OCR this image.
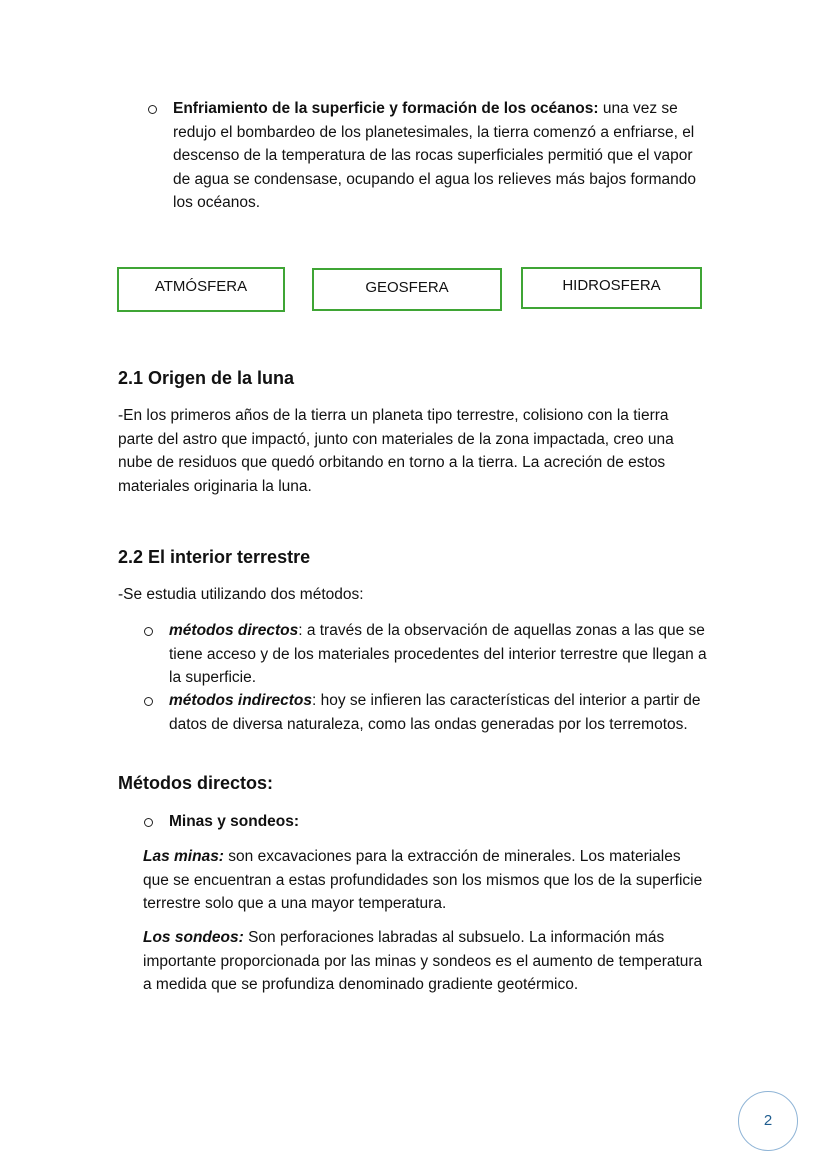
Enfriamiento de la superficie y formación de los océanos: una vez se redujo el bombardeo de los planetesimales, la tierra comenzó a enfriarse, el descenso de la temperatura de las rocas superficiales permitió que el vapor de agua se condensase, ocupando el agua los relieves más bajos formando los océanos.

ATMÓSFERA	GEOSFERA	HIDROSFERA
2.1 Origen de la luna

-En los primeros años de la tierra un planeta tipo terrestre, colisiono con la tierra parte del astro que impactó, junto con materiales de la zona impactada, creo una nube de residuos que quedó orbitando en torno a la tierra. La acreción de estos materiales originaria la luna.

2.2 El interior terrestre

-Se estudia utilizando dos métodos:

métodos directos: a través de la observación de aquellas zonas a las que se tiene acceso y de los materiales procedentes del interior terrestre que llegan a la superficie.

métodos indirectos: hoy se infieren las características del interior a partir de datos de diversa naturaleza, como las ondas generadas por los terremotos.

Métodos directos:

Minas y sondeos:

Las minas: son excavaciones para la extracción de minerales. Los materiales que se encuentran a estas profundidades son los mismos que los de la superficie terrestre solo que a una mayor temperatura.

Los sondeos: Son perforaciones labradas al subsuelo. La información más importante proporcionada por las minas y sondeos es el aumento de temperatura a medida que se profundiza denominado gradiente geotérmico.

2
